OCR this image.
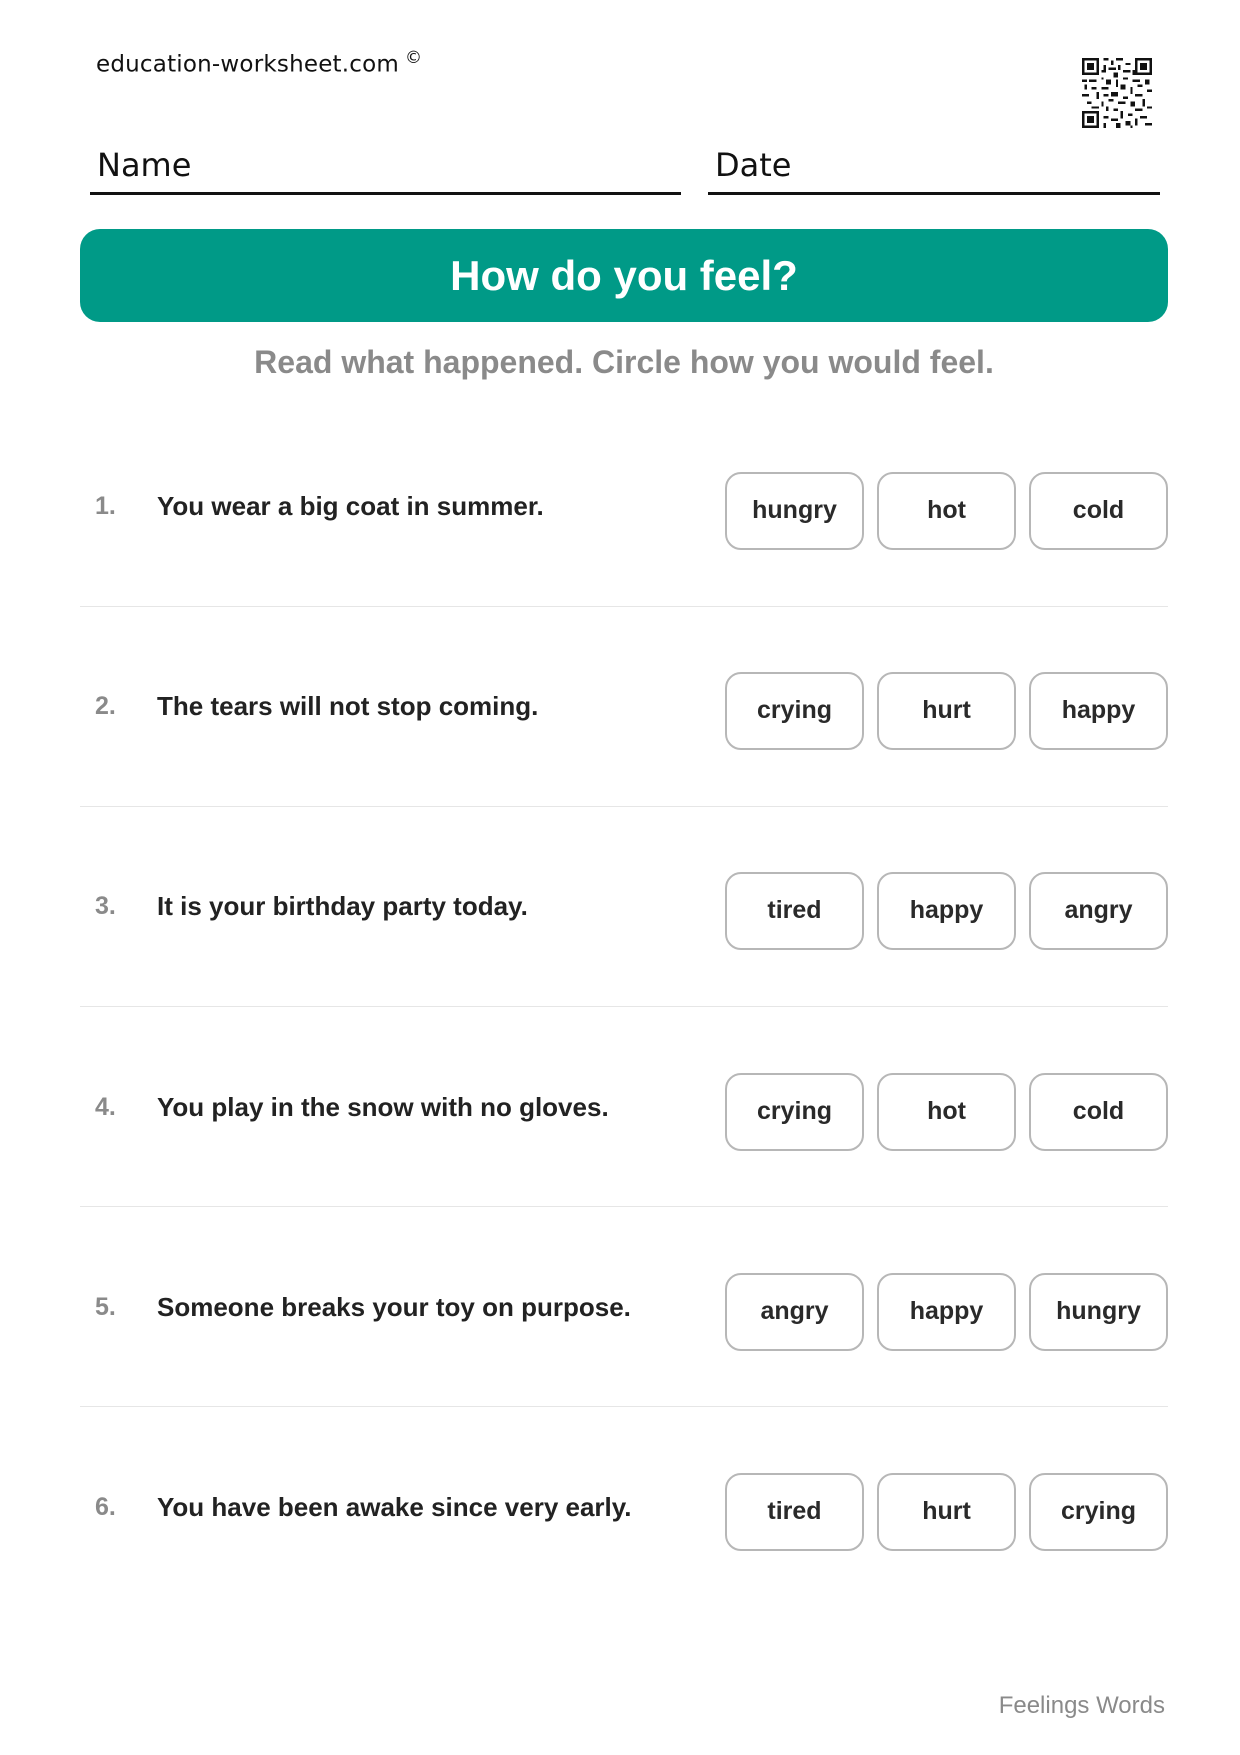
education-worksheet.com ©
Name	Date
How do you feel?
Read what happened. Circle how you would feel.
1. You wear a big coat in summer.	hungry	hot	cold
2. The tears will not stop coming.	crying	hurt	happy
3. It is your birthday party today.	tired	happy	angry
4. You play in the snow with no gloves.	crying	hot	cold
5. Someone breaks your toy on purpose.	angry	happy	hungry
6. You have been awake since very early.	tired	hurt	crying
Feelings Words
